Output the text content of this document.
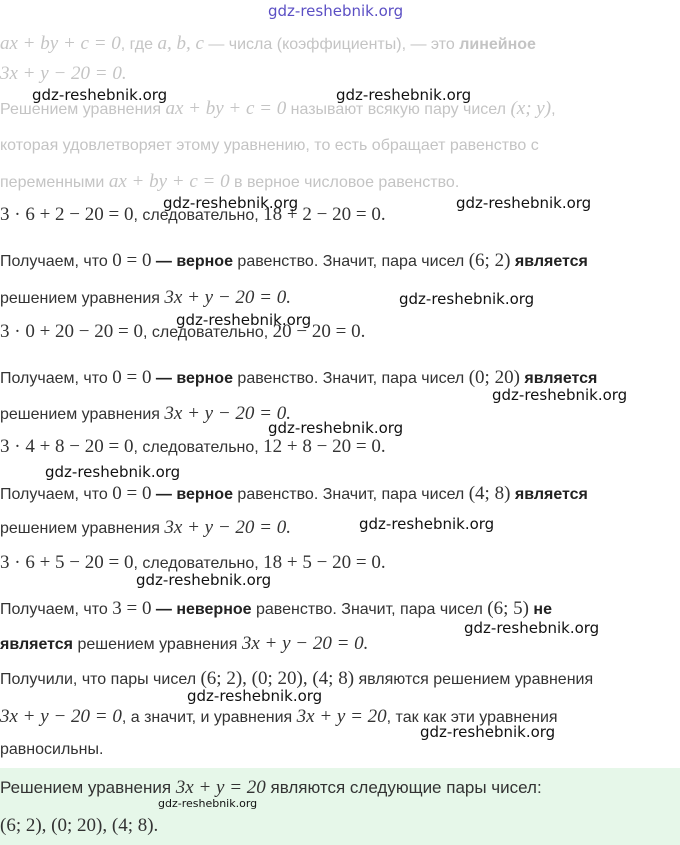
ax + by + c = 0, где a, b, c — числа (коэффициенты), — это линейное
3x + y − 20 = 0.
Решением уравнения ax + by + c = 0 называют всякую пару чисел (x; y),
которая удовлетворяет этому уравнению, то есть обращает равенство с
переменными ax + by + c = 0 в верное числовое равенство.
3 · 6 + 2 − 20 = 0, следовательно, 18 + 2 − 20 = 0.
Получаем, что 0 = 0 — верное равенство. Значит, пара чисел (6; 2) является
решением уравнения 3x + y − 20 = 0.
3 · 0 + 20 − 20 = 0, следовательно, 20 − 20 = 0.
Получаем, что 0 = 0 — верное равенство. Значит, пара чисел (0; 20) является
решением уравнения 3x + y − 20 = 0.
3 · 4 + 8 − 20 = 0, следовательно, 12 + 8 − 20 = 0.
Получаем, что 0 = 0 — верное равенство. Значит, пара чисел (4; 8) является
решением уравнения 3x + y − 20 = 0.
3 · 6 + 5 − 20 = 0, следовательно, 18 + 5 − 20 = 0.
Получаем, что 3 = 0 — неверное равенство. Значит, пара чисел (6; 5) не
является решением уравнения 3x + y − 20 = 0.
Получили, что пары чисел (6; 2), (0; 20), (4; 8) являются решением уравнения
3x + y − 20 = 0, а значит, и уравнения 3x + y = 20, так как эти уравнения
равносильны.
Решением уравнения 3x + y = 20 являются следующие пары чисел:
(6; 2), (0; 20), (4; 8).
gdz-reshebnik.org
gdz-reshebnik.org	gdz-reshebnik.org
gdz-reshebnik.org	gdz-reshebnik.org
gdz-reshebnik.org
gdz-reshebnik.org
gdz-reshebnik.org
gdz-reshebnik.org
gdz-reshebnik.org
gdz-reshebnik.org
gdz-reshebnik.org
gdz-reshebnik.org
gdz-reshebnik.org
gdz-reshebnik.org
gdz-reshebnik.org
